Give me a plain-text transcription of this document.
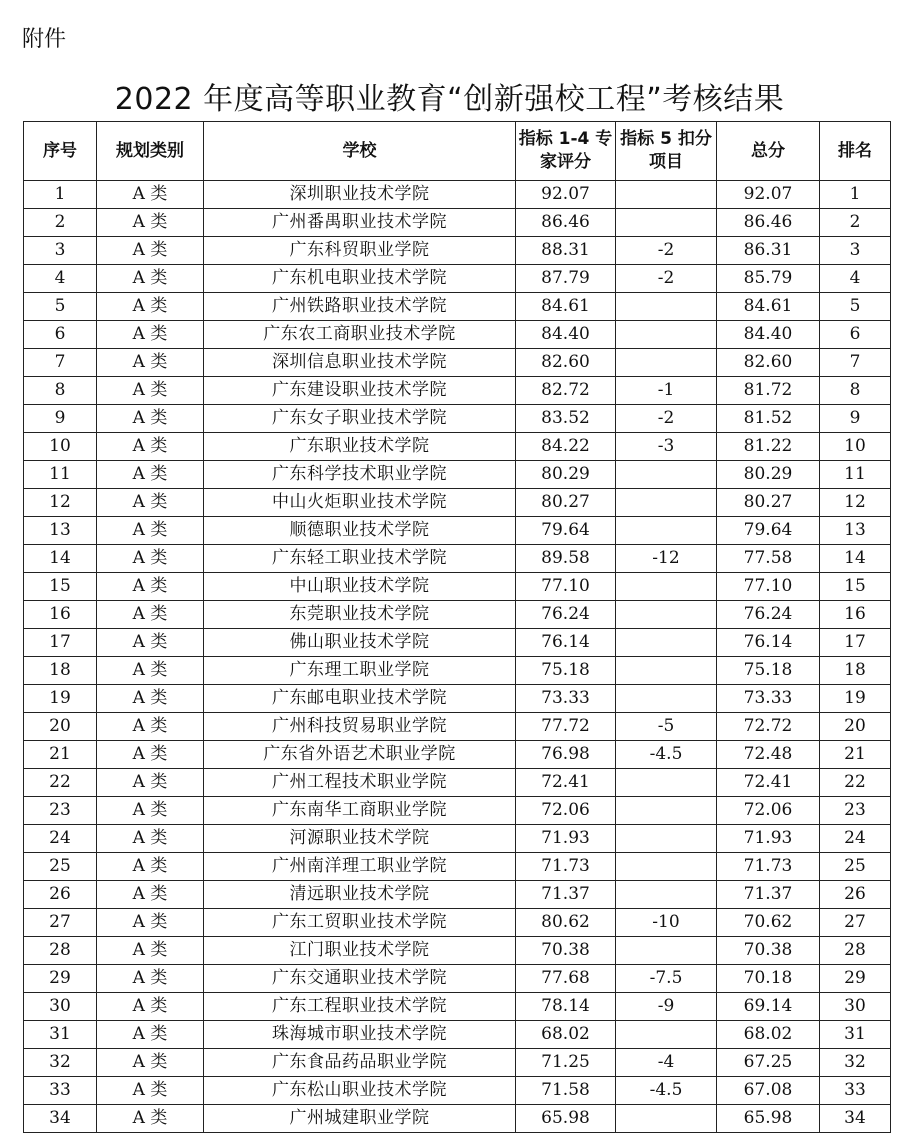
附件
2022 年度高等职业教育“创新强校工程”考核结果
序号	规划类别	学校	指标 1-4 专家评分	指标 5 扣分项目	总分	排名
1	A 类	深圳职业技术学院	92.07		92.07	1
2	A 类	广州番禺职业技术学院	86.46		86.46	2
3	A 类	广东科贸职业学院	88.31	-2	86.31	3
4	A 类	广东机电职业技术学院	87.79	-2	85.79	4
5	A 类	广州铁路职业技术学院	84.61		84.61	5
6	A 类	广东农工商职业技术学院	84.40		84.40	6
7	A 类	深圳信息职业技术学院	82.60		82.60	7
8	A 类	广东建设职业技术学院	82.72	-1	81.72	8
9	A 类	广东女子职业技术学院	83.52	-2	81.52	9
10	A 类	广东职业技术学院	84.22	-3	81.22	10
11	A 类	广东科学技术职业学院	80.29		80.29	11
12	A 类	中山火炬职业技术学院	80.27		80.27	12
13	A 类	顺德职业技术学院	79.64		79.64	13
14	A 类	广东轻工职业技术学院	89.58	-12	77.58	14
15	A 类	中山职业技术学院	77.10		77.10	15
16	A 类	东莞职业技术学院	76.24		76.24	16
17	A 类	佛山职业技术学院	76.14		76.14	17
18	A 类	广东理工职业学院	75.18		75.18	18
19	A 类	广东邮电职业技术学院	73.33		73.33	19
20	A 类	广州科技贸易职业学院	77.72	-5	72.72	20
21	A 类	广东省外语艺术职业学院	76.98	-4.5	72.48	21
22	A 类	广州工程技术职业学院	72.41		72.41	22
23	A 类	广东南华工商职业学院	72.06		72.06	23
24	A 类	河源职业技术学院	71.93		71.93	24
25	A 类	广州南洋理工职业学院	71.73		71.73	25
26	A 类	清远职业技术学院	71.37		71.37	26
27	A 类	广东工贸职业技术学院	80.62	-10	70.62	27
28	A 类	江门职业技术学院	70.38		70.38	28
29	A 类	广东交通职业技术学院	77.68	-7.5	70.18	29
30	A 类	广东工程职业技术学院	78.14	-9	69.14	30
31	A 类	珠海城市职业技术学院	68.02		68.02	31
32	A 类	广东食品药品职业学院	71.25	-4	67.25	32
33	A 类	广东松山职业技术学院	71.58	-4.5	67.08	33
34	A 类	广州城建职业学院	65.98		65.98	34
